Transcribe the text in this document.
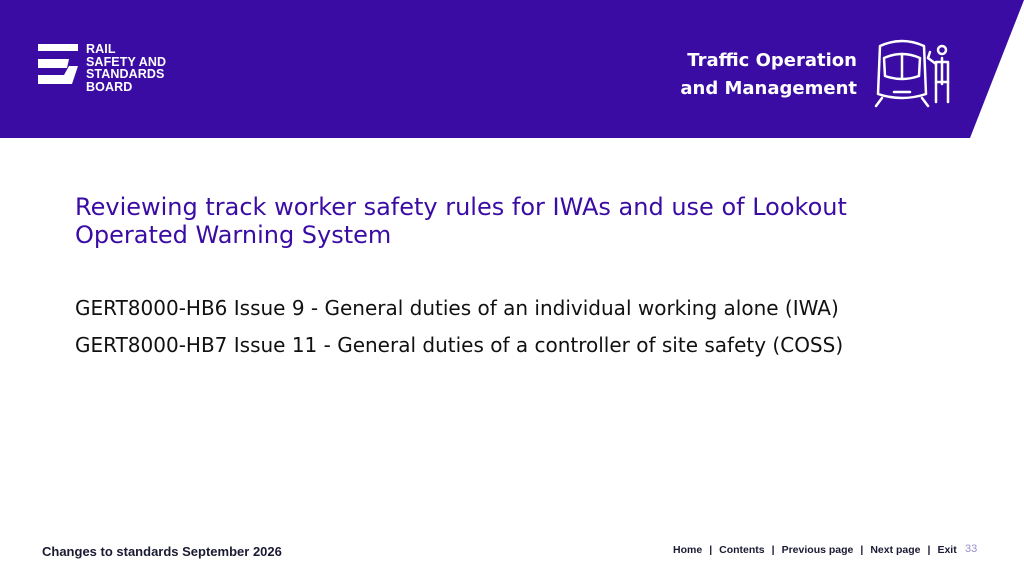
RAIL
SAFETY AND
STANDARDS
BOARD
Traffic Operation
and Management
Reviewing track worker safety rules for IWAs and use of Lookout
Operated Warning System
GERT8000-HB6 Issue 9 - General duties of an individual working alone (IWA)
GERT8000-HB7 Issue 11 - General duties of a controller of site safety (COSS)
Changes to standards September 2026	Home | Contents | Previous page | Next page | Exit 33
